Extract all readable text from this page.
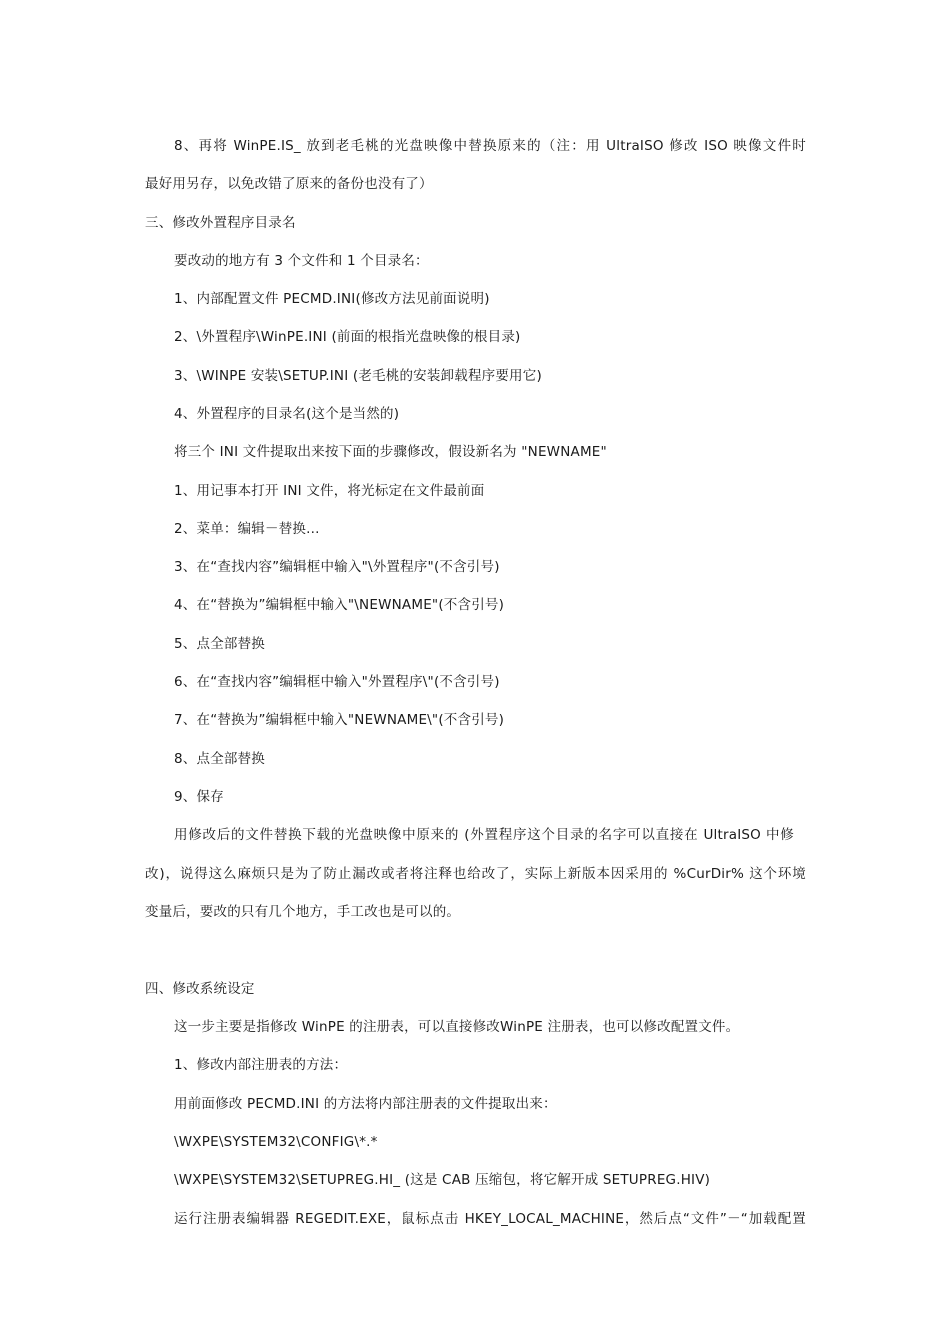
8、再将 WinPE.IS_ 放到老毛桃的光盘映像中替换原来的（注：用 UltraISO 修改 ISO 映像文件时
最好用另存，以免改错了原来的备份也没有了）
三、修改外置程序目录名
要改动的地方有 3 个文件和 1 个目录名：
1、内部配置文件 PECMD.INI(修改方法见前面说明)
2、\外置程序\WinPE.INI (前面的根指光盘映像的根目录)
3、\WINPE 安装\SETUP.INI (老毛桃的安装卸载程序要用它)
4、外置程序的目录名(这个是当然的)
将三个 INI 文件提取出来按下面的步骤修改，假设新名为 "NEWNAME"
1、用记事本打开 INI 文件，将光标定在文件最前面
2、菜单：编辑－替换...
3、在“查找内容”编辑框中输入"\外置程序"(不含引号)
4、在“替换为”编辑框中输入"\NEWNAME"(不含引号)
5、点全部替换
6、在“查找内容”编辑框中输入"外置程序\"(不含引号)
7、在“替换为”编辑框中输入"NEWNAME\"(不含引号)
8、点全部替换
9、保存
用修改后的文件替换下载的光盘映像中原来的 (外置程序这个目录的名字可以直接在 UltraISO 中修
改)，说得这么麻烦只是为了防止漏改或者将注释也给改了，实际上新版本因采用的 %CurDir% 这个环境
变量后，要改的只有几个地方，手工改也是可以的。
四、修改系统设定
这一步主要是指修改 WinPE 的注册表，可以直接修改WinPE 注册表，也可以修改配置文件。
1、修改内部注册表的方法：
用前面修改 PECMD.INI 的方法将内部注册表的文件提取出来：
\WXPE\SYSTEM32\CONFIG\*.*
\WXPE\SYSTEM32\SETUPREG.HI_ (这是 CAB 压缩包，将它解开成 SETUPREG.HIV)
运行注册表编辑器 REGEDIT.EXE，鼠标点击 HKEY_LOCAL_MACHINE，然后点“文件”－“加载配置
